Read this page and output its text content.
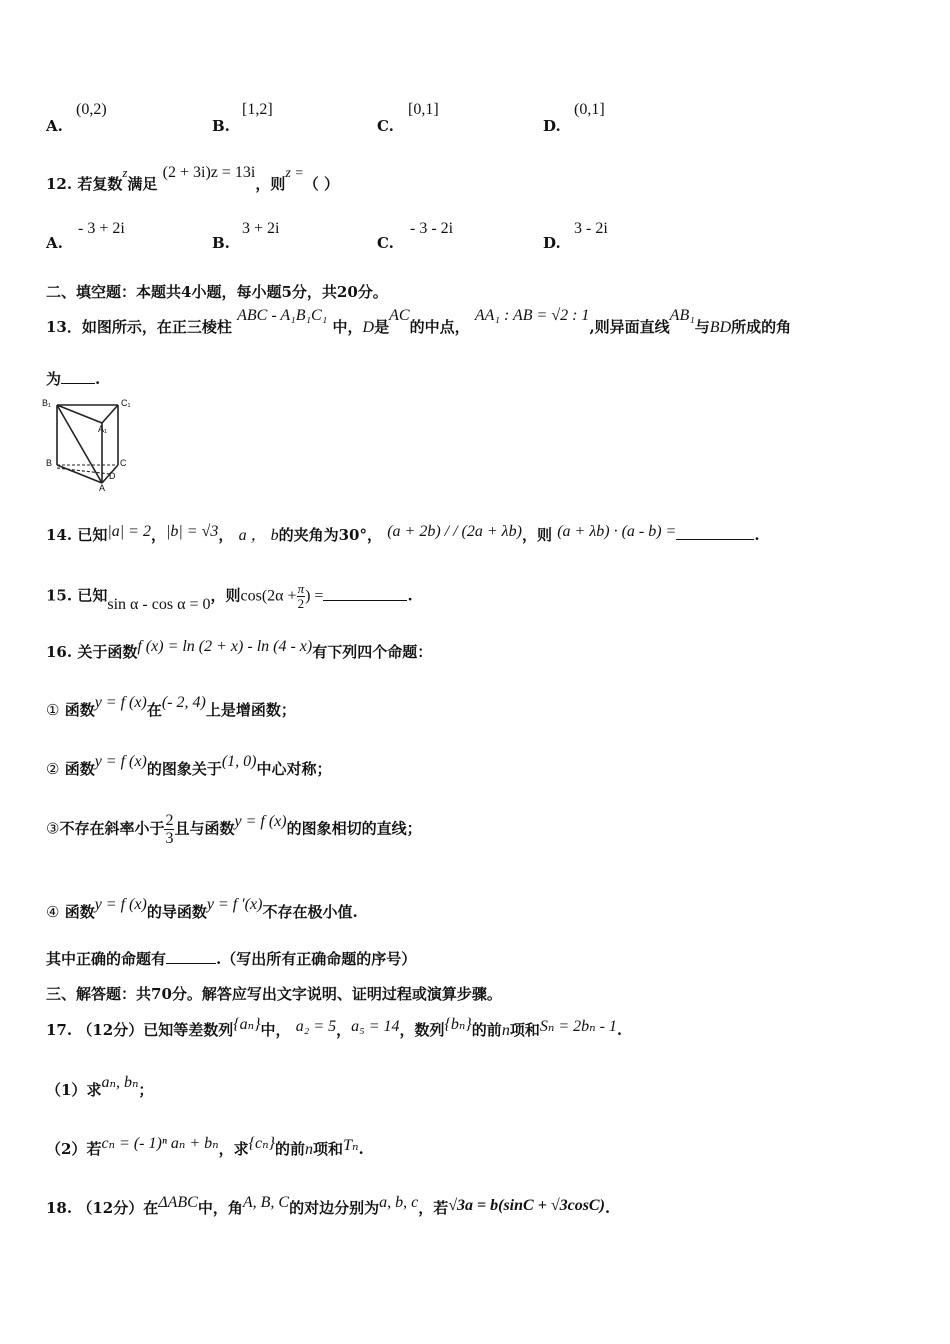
A.
(0,2)
B.
[1,2]
C.
[0,1]
D.
(0,1]
12. 若复数z满足 (2 + 3i)z = 13i，则z =（ ）
A.
- 3 + 2i
B.
3 + 2i
C.
- 3 - 2i
D.
3 - 2i
二、填空题：本题共4小题，每小题5分，共20分。
13．如图所示，在正三棱柱 ABC - A₁B₁C₁ 中，D是AC的中点， AA₁ : AB = √2 : 1,则异面直线AB₁与BD所成的角
为 .
B₁	C₁
A₁
B	C
D
A
14. 已知|a| = 2，|b| = √3， a ， b的夹角为30°， (a + 2b) / / (2a + λb)，则 (a + λb) · (a - b) =	.
15. 已知sin α - cos α = 0，则$\cos(2\alpha + \frac{\pi}{2}$ ) =	.
16. 关于函数f (x) = ln (2 + x) - ln (4 - x)有下列四个命题：
① 函数y = f (x)在(- 2, 4)上是增函数；
② 函数y = f (x)的图象关于(1, 0)中心对称；
③不存在斜率小于 $\frac{2}{3}$ 且与函数y = f (x)的图象相切的直线；
④ 函数y = f (x)的导函数y = f ′(x)不存在极小值.
其中正确的命题有	.（写出所有正确命题的序号）
三、解答题：共70分。解答应写出文字说明、证明过程或演算步骤。
17. （12分）已知等差数列{aₙ}中， a₂ = 5，a₅ = 14，数列{bₙ}的前n项和Sₙ = 2bₙ - 1.
（1）求aₙ, bₙ；
（2）若cₙ = (- 1)ⁿ aₙ + bₙ，求{cₙ}的前n项和Tₙ.
18. （12分）在ΔABC中，角A, B, C的对边分别为a, b, c，若√3a = b(sinC + √3cosC).
